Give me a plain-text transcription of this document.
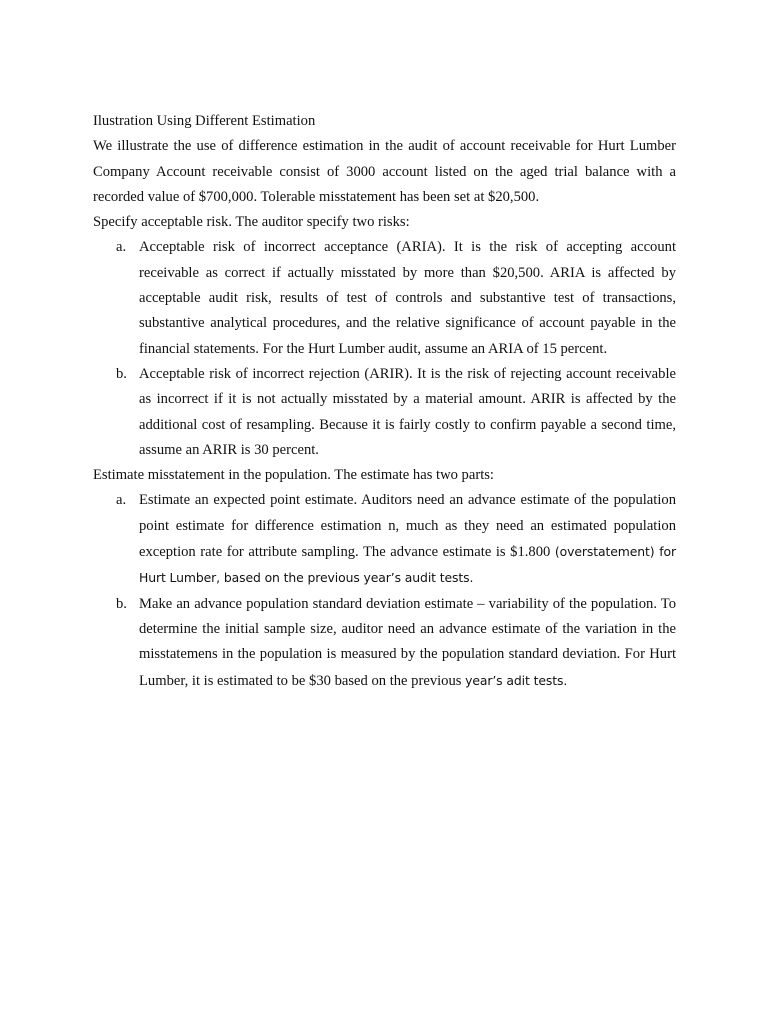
Ilustration Using Different Estimation

We illustrate the use of difference estimation in the audit of account receivable for Hurt Lumber Company Account receivable consist of 3000 account listed on the aged trial balance with a recorded value of $700,000. Tolerable misstatement has been set at $20,500.

Specify acceptable risk. The auditor specify two risks:

a. Acceptable risk of incorrect acceptance (ARIA). It is the risk of accepting account receivable as correct if actually misstated by more than $20,500. ARIA is affected by acceptable audit risk, results of test of controls and substantive test of transactions, substantive analytical procedures, and the relative significance of account payable in the financial statements. For the Hurt Lumber audit, assume an ARIA of 15 percent.
b. Acceptable risk of incorrect rejection (ARIR). It is the risk of rejecting account receivable as incorrect if it is not actually misstated by a material amount. ARIR is affected by the additional cost of resampling. Because it is fairly costly to confirm payable a second time, assume an ARIR is 30 percent.

Estimate misstatement in the population. The estimate has two parts:

a. Estimate an expected point estimate. Auditors need an advance estimate of the population point estimate for difference estimation n, much as they need an estimated population exception rate for attribute sampling. The advance estimate is $1.800 (overstatement) for Hurt Lumber, based on the previous year’s audit tests.
b. Make an advance population standard deviation estimate – variability of the population. To determine the initial sample size, auditor need an advance estimate of the variation in the misstatemens in the population is measured by the population standard deviation. For Hurt Lumber, it is estimated to be $30 based on the previous year’s adit tests.
